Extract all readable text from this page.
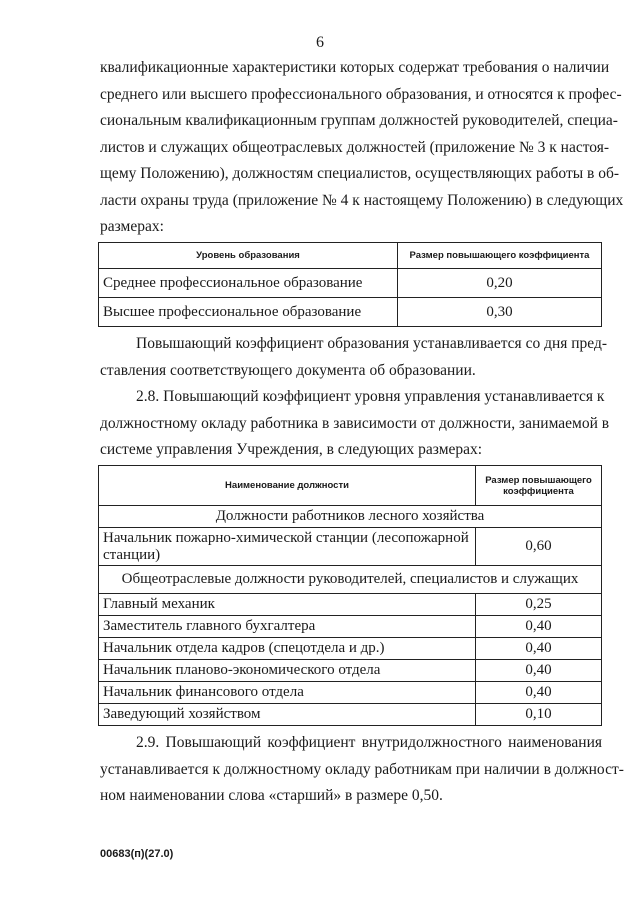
6
квалификационные характеристики которых содержат требования о наличии
среднего или высшего профессионального образования, и относятся к профес-
сиональным квалификационным группам должностей руководителей, специа-
листов и служащих общеотраслевых должностей (приложение № 3 к настоя-
щему Положению), должностям специалистов, осуществляющих работы в об-
ласти охраны труда (приложение № 4 к настоящему Положению) в следующих
размерах:
Уровень образования	Размер повышающего коэффициента
Среднее профессиональное образование	0,20
Высшее профессиональное образование	0,30
Повышающий коэффициент образования устанавливается со дня пред-
ставления соответствующего документа об образовании.
2.8. Повышающий коэффициент уровня управления устанавливается к
должностному окладу работника в зависимости от должности, занимаемой в
системе управления Учреждения, в следующих размерах:
Наименование должности	Размер повышающего коэффициента
Должности работников лесного хозяйства	
Начальник пожарно-химической станции (лесопожарной станции)	0,60
Общеотраслевые должности руководителей, специалистов и служащих	
Главный механик	0,25
Заместитель главного бухгалтера	0,40
Начальник отдела кадров (спецотдела и др.)	0,40
Начальник планово-экономического отдела	0,40
Начальник финансового отдела	0,40
Заведующий хозяйством	0,10
2.9. Повышающий коэффициент внутридолжностного наименования
устанавливается к должностному окладу работникам при наличии в должност-
ном наименовании слова «старший» в размере 0,50.
00683(п)(27.0)
